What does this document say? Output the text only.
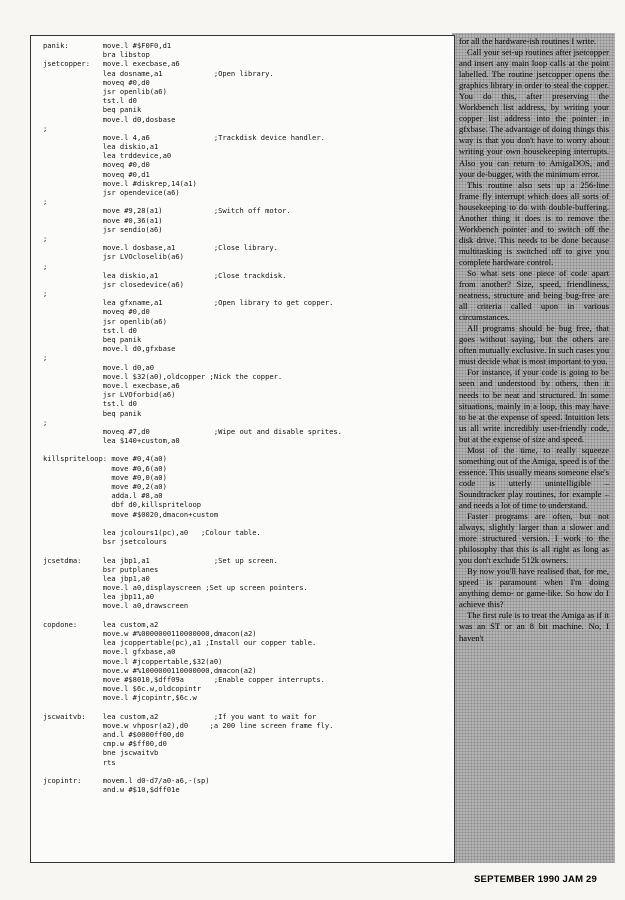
panik:        move.l #$F0F0,d1
bra libstop
jsetcopper:   move.l execbase,a6
lea dosname,a1            ;Open library.
moveq #0,d0
jsr openlib(a6)
tst.l d0
beq panik
move.l d0,dosbase
;
move.l 4,a6               ;Trackdisk device handler.
lea diskio,a1
lea trddevice,a0
moveq #0,d0
moveq #0,d1
move.l #diskrep,14(a1)
jsr opendevice(a6)
;
move #9,28(a1)            ;Switch off motor.
move #0,36(a1)
jsr sendio(a6)
;
move.l dosbase,a1         ;Close library.
jsr LVOcloselib(a6)
;
lea diskio,a1             ;Close trackdisk.
jsr closedevice(a6)
;
lea gfxname,a1            ;Open library to get copper.
moveq #0,d0
jsr openlib(a6)
tst.l d0
beq panik
move.l d0,gfxbase
;
move.l d0,a0
move.l $32(a0),oldcopper ;Nick the copper.
move.l execbase,a6
jsr LVOforbid(a6)
tst.l d0
beq panik
;
moveq #7,d0               ;Wipe out and disable sprites.
lea $140+custom,a0
killspriteloop: move #0,4(a0)
move #0,6(a0)
move #0,0(a0)
move #0,2(a0)
adda.l #8,a0
dbf d0,killspriteloop
move #$0020,dmacon+custom
lea jcolours1(pc),a0   ;Colour table.
bsr jsetcolours
jcsetdma:     lea jbp1,a1               ;Set up screen.
bsr putplanes
lea jbp1,a0
move.l a0,displayscreen ;Set up screen pointers.
lea jbp11,a0
move.l a0,drawscreen
copdone:      lea custom,a2
move.w #%0000000110000000,dmacon(a2)
lea jcoppertable(pc),a1 ;Install our copper table.
move.l gfxbase,a0
move.l #jcoppertable,$32(a0)
move.w #%1000000110000000,dmacon(a2)
move #$8010,$dff09a       ;Enable copper interrupts.
move.l $6c.w,oldcopintr
move.l #jcopintr,$6c.w
jscwaitvb:    lea custom,a2             ;If you want to wait for
move.w vhposr(a2),d0     ;a 200 line screen frame fly.
and.l #$0000ff00,d0
cmp.w #$ff00,d0
bne jscwaitvb
rts
jcopintr:     movem.l d0-d7/a0-a6,-(sp)
and.w #$10,$dff01e
for all the hardware-ish routines I write.
Call your set-up routines after jsetcopper and insert any main loop calls at the point labelled. The routine jsetcopper opens the graphics library in order to steal the copper. You do this, after preserving the Workbench list address, by writing your copper list address into the pointer in gfxbase. The advantage of doing things this way is that you don't have to worry about writing your own housekeeping interrupts. Also you can return to AmigaDOS, and your de-bugger, with the minimum error.
This routine also sets up a 256-line frame fly interrupt which does all sorts of housekeeping to do with double-buffering. Another thing it does is to remove the Workbench pointer and to switch off the disk drive. This needs to be done because multitasking is switched off to give you complete hardware control.
So what sets one piece of code apart from another? Size, speed, friendliness, neatness, structure and being bug-free are all criteria called upon in various circumstances.
All programs should be bug free, that goes without saying, but the others are often mutually exclusive. In such cases you must decide what is most important to you.
For instance, if your code is going to be seen and understood by others, then it needs to be neat and structured. In some situations, mainly in a loop, this may have to be at the expense of speed. Intuition lets us all write incredibly user-friendly code, but at the expense of size and speed.
Most of the time, to really squeeze something out of the Amiga, speed is of the essence. This usually means someone else's code is utterly unintelligible – Soundtracker play routines, for example – and needs a lot of time to understand.
Faster programs are often, but not always, slightly larger than a slower and more structured version. I work to the philosophy that this is all right as long as you don't exclude 512k owners.
By now you'll have realised that, for me, speed is paramount when I'm doing anything demo- or game-like. So how do I achieve this?
The first rule is to treat the Amiga as if it was an ST or an 8 bit machine. No, I haven't
SEPTEMBER 1990 JAM 29
